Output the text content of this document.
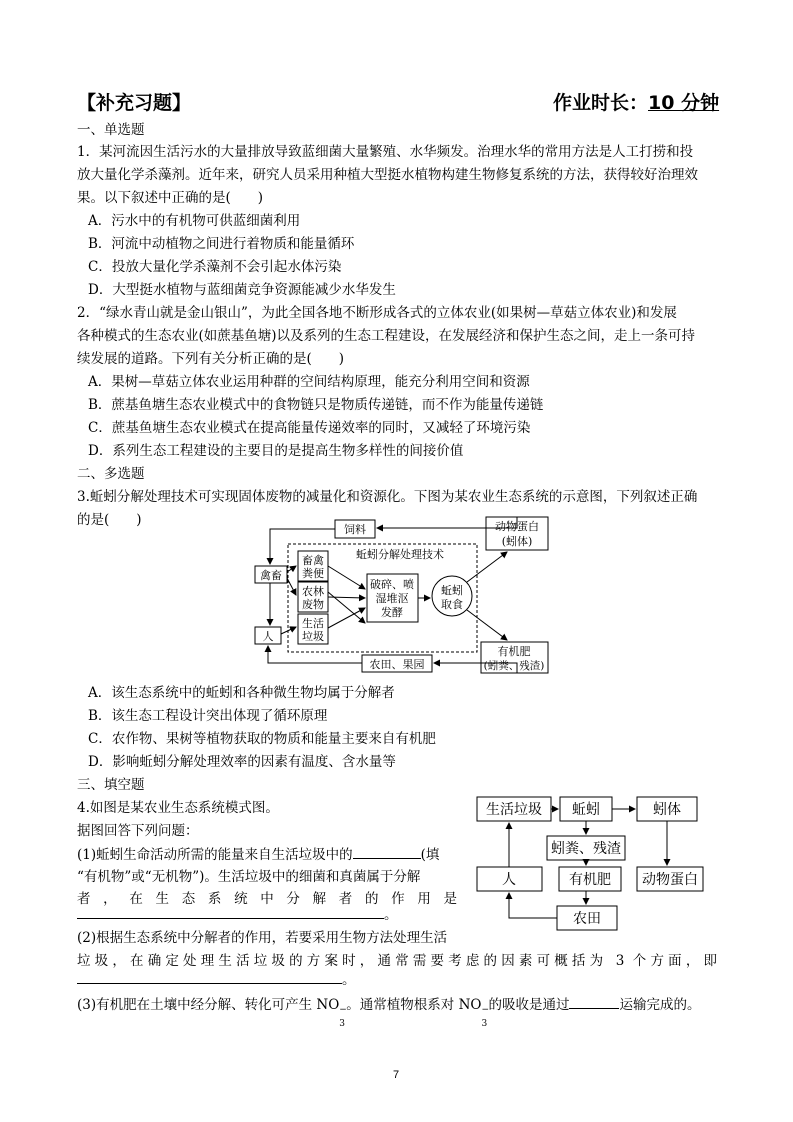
【补充习题】	作业时长：10 分钟
一、单选题
1．某河流因生活污水的大量排放导致蓝细菌大量繁殖、水华频发。治理水华的常用方法是人工打捞和投
放大量化学杀藻剂。近年来，研究人员采用种植大型挺水植物构建生物修复系统的方法，获得较好治理效
果。以下叙述中正确的是(　　)
A．污水中的有机物可供蓝细菌利用
B．河流中动植物之间进行着物质和能量循环
C．投放大量化学杀藻剂不会引起水体污染
D．大型挺水植物与蓝细菌竞争资源能减少水华发生
2．“绿水青山就是金山银山”，为此全国各地不断形成各式的立体农业(如果树—草菇立体农业)和发展
各种模式的生态农业(如蔗基鱼塘)以及系列的生态工程建设，在发展经济和保护生态之间，走上一条可持
续发展的道路。下列有关分析正确的是(　　)
A．果树—草菇立体农业运用种群的空间结构原理，能充分利用空间和资源
B．蔗基鱼塘生态农业模式中的食物链只是物质传递链，而不作为能量传递链
C．蔗基鱼塘生态农业模式在提高能量传递效率的同时，又减轻了环境污染
D．系列生态工程建设的主要目的是提高生物多样性的间接价值
二、多选题
3.蚯蚓分解处理技术可实现固体废物的减量化和资源化。下图为某农业生态系统的示意图，下列叙述正确
的是(　　)
饲料	动物蛋白
(蚓体)
蚯蚓分解处理技术
畜禽
粪便
禽畜
农林
废物
生活
垃圾
人
破碎、喷
湿堆沤
发酵
蚯蚓
取食
有机肥
(蚓粪、残渣)
农田、果园
A．该生态系统中的蚯蚓和各种微生物均属于分解者
B．该生态工程设计突出体现了循环原理
C．农作物、果树等植物获取的物质和能量主要来自有机肥
D．影响蚯蚓分解处理效率的因素有温度、含水量等
三、填空题
4.如图是某农业生态系统模式图。
据图回答下列问题：
(1)蚯蚓生命活动所需的能量来自生活垃圾中的	(填
“有机物”或“无机物”)。生活垃圾中的细菌和真菌属于分解
者，在生态系统中分解者的作用是
。
(2)根据生态系统中分解者的作用，若要采用生物方法处理生活
垃圾，在确定处理生活垃圾的方案时，通常需要考虑的因素可概括为 3 个方面，即
。
(3)有机肥在土壤中经分解、转化可产生 NO −
3
。通常植物根系对 NO −
3
的吸收是通过	运输完成的。
生活垃圾 蚯蚓	蚓体
蚓粪、残渣
人	有机肥 动物蛋白
农田
7
